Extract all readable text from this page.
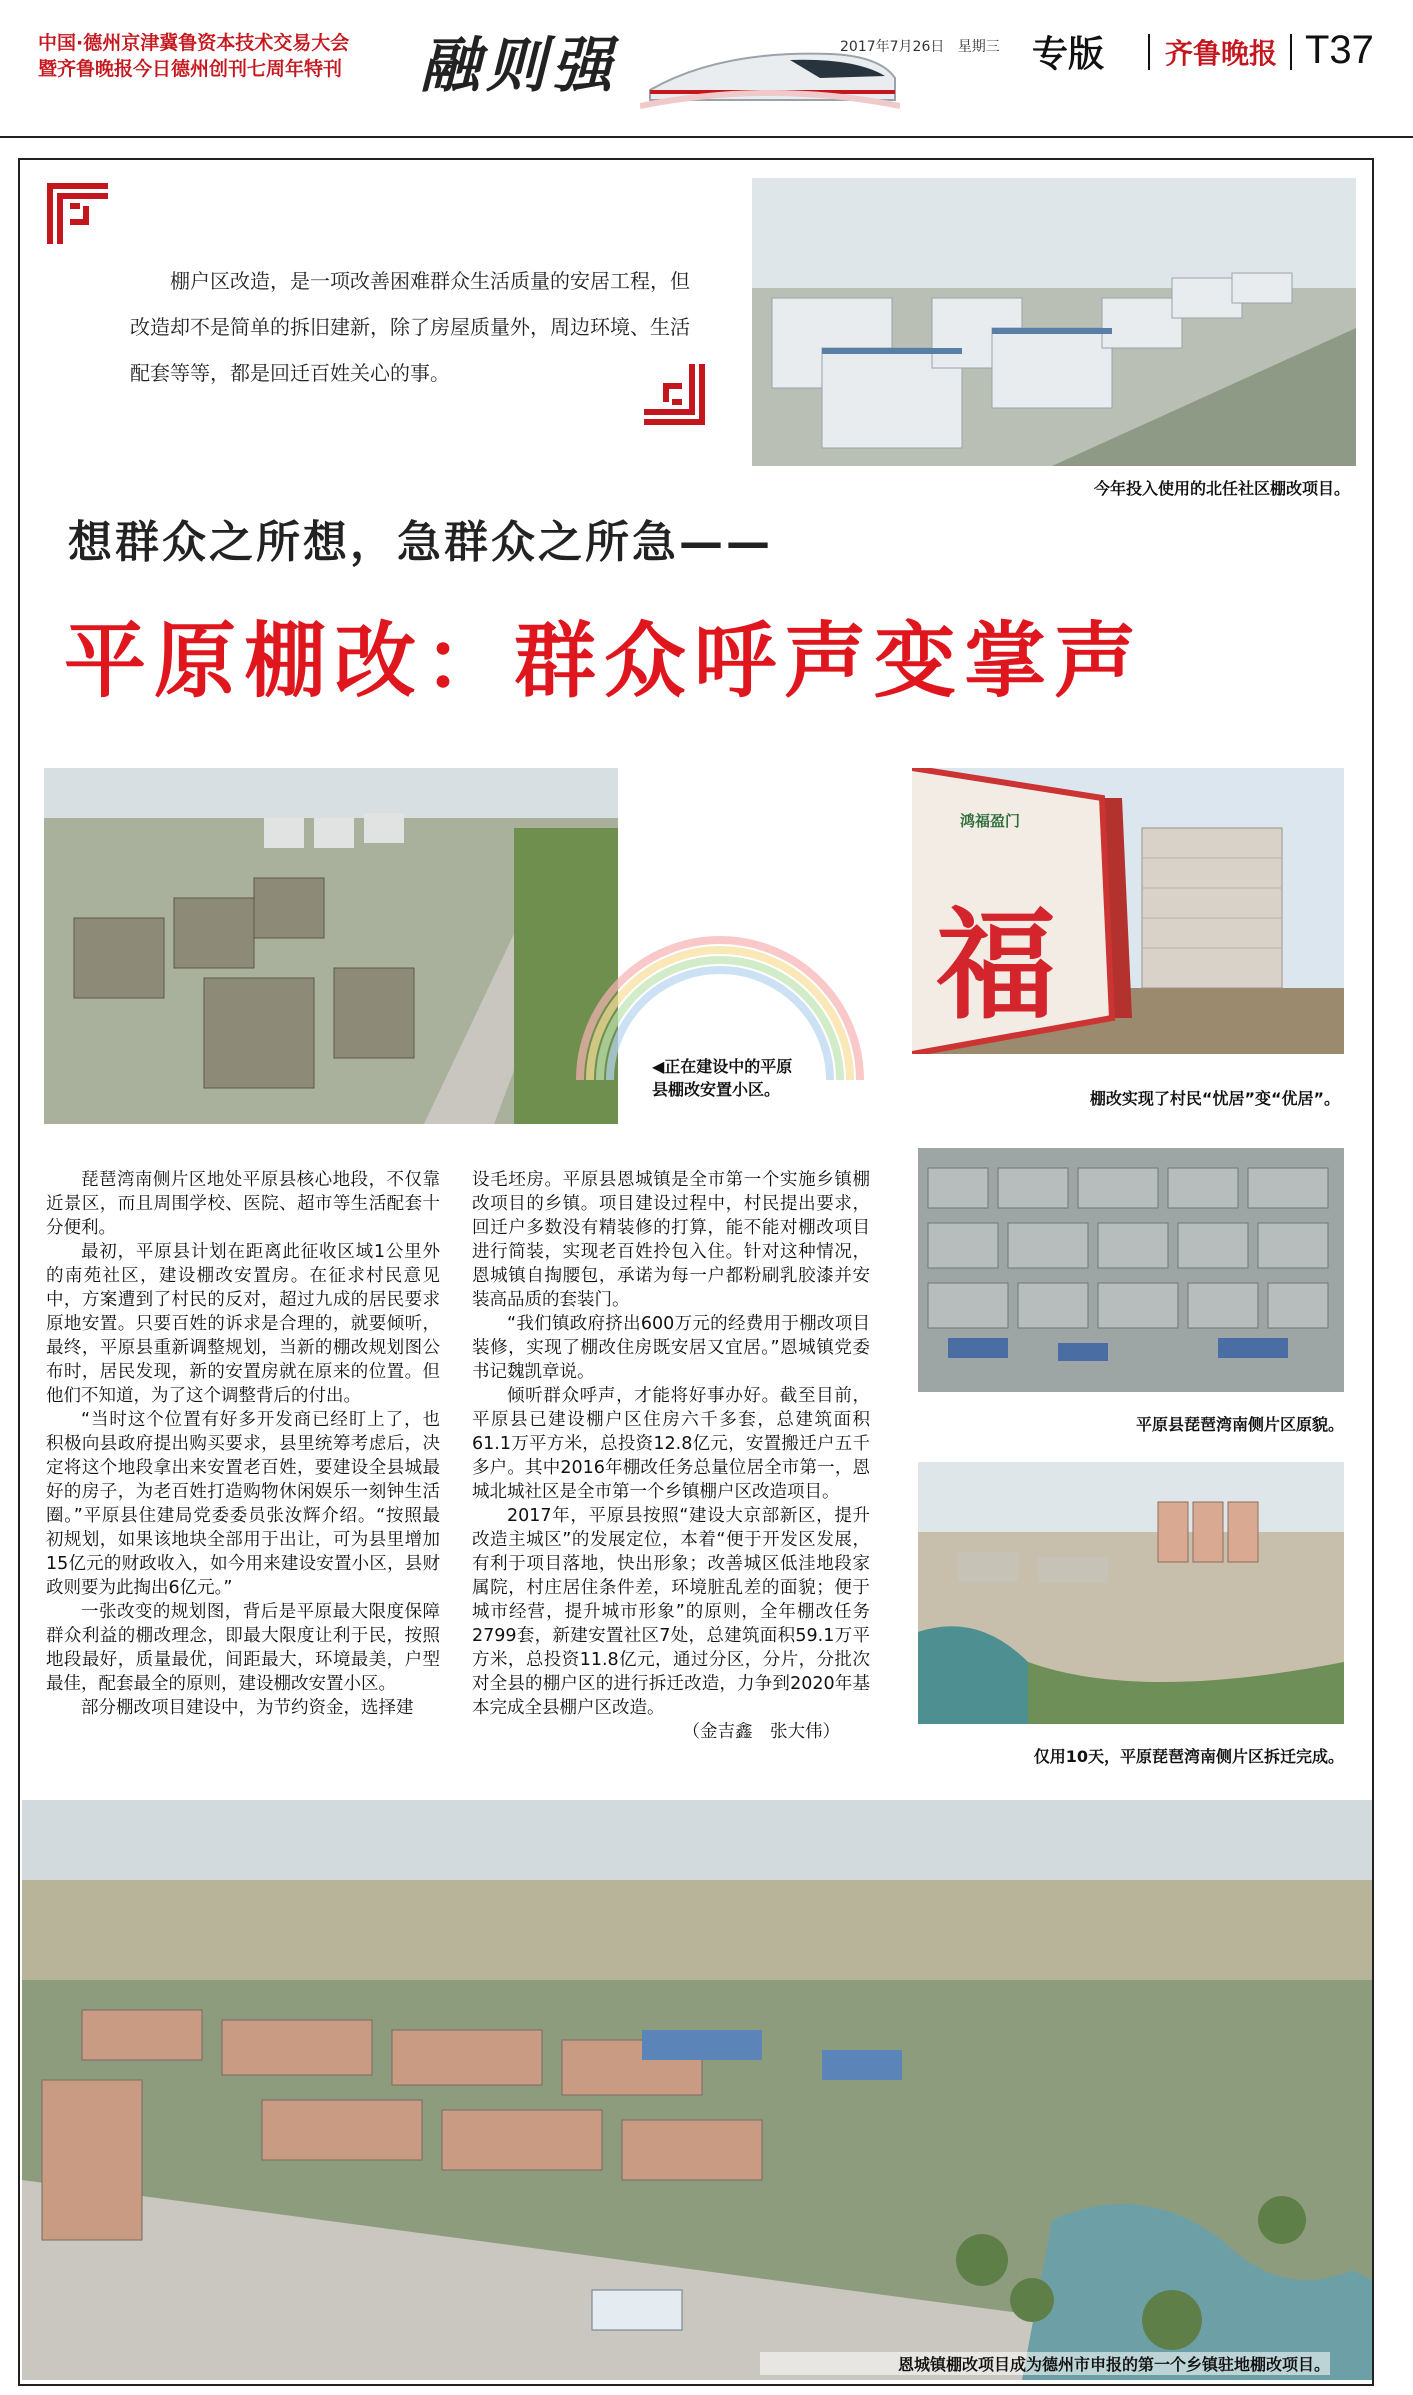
中国·德州京津冀鲁资本技术交易大会
暨齐鲁晚报今日德州创刊七周年特刊 融则强	2017年7月26日 星期三 专版 齐鲁晚报 T37
棚户区改造，是一项改善困难群众生活质量的安居工程，但改造却不是简单的拆旧建新，除了房屋质量外，周边环境、生活配套等等，都是回迁百姓关心的事。
今年投入使用的北任社区棚改项目。
想群众之所想，急群众之所急——
平原棚改：群众呼声变掌声
◀正在建设中的平原
县棚改安置小区。
鸿福盈门
福
棚改实现了村民“忧居”变“优居”。

琵琶湾南侧片区地处平原县核心地段，不仅靠近景区，而且周围学校、医院、超市等生活配套十分便利。

最初，平原县计划在距离此征收区域1公里外的南苑社区，建设棚改安置房。在征求村民意见中，方案遭到了村民的反对，超过九成的居民要求原地安置。只要百姓的诉求是合理的，就要倾听，最终，平原县重新调整规划，当新的棚改规划图公布时，居民发现，新的安置房就在原来的位置。但他们不知道，为了这个调整背后的付出。

“当时这个位置有好多开发商已经盯上了，也积极向县政府提出购买要求，县里统筹考虑后，决定将这个地段拿出来安置老百姓，要建设全县城最好的房子，为老百姓打造购物休闲娱乐一刻钟生活圈。”平原县住建局党委委员张汝辉介绍。“按照最初规划，如果该地块全部用于出让，可为县里增加15亿元的财政收入，如今用来建设安置小区，县财政则要为此掏出6亿元。”

一张改变的规划图，背后是平原最大限度保障群众利益的棚改理念，即最大限度让利于民，按照地段最好，质量最优，间距最大，环境最美，户型最佳，配套最全的原则，建设棚改安置小区。

部分棚改项目建设中，为节约资金，选择建

设毛坯房。平原县恩城镇是全市第一个实施乡镇棚改项目的乡镇。项目建设过程中，村民提出要求，回迁户多数没有精装修的打算，能不能对棚改项目进行简装，实现老百姓拎包入住。针对这种情况，恩城镇自掏腰包，承诺为每一户都粉刷乳胶漆并安装高品质的套装门。

“我们镇政府挤出600万元的经费用于棚改项目装修，实现了棚改住房既安居又宜居。”恩城镇党委书记魏凯章说。

倾听群众呼声，才能将好事办好。截至目前，平原县已建设棚户区住房六千多套，总建筑面积61.1万平方米，总投资12.8亿元，安置搬迁户五千多户。其中2016年棚改任务总量位居全市第一，恩城北城社区是全市第一个乡镇棚户区改造项目。

2017年，平原县按照“建设大京部新区，提升改造主城区”的发展定位，本着“便于开发区发展，有利于项目落地，快出形象；改善城区低洼地段家属院，村庄居住条件差，环境脏乱差的面貌；便于城市经营，提升城市形象”的原则，全年棚改任务2799套，新建安置社区7处，总建筑面积59.1万平方米，总投资11.8亿元，通过分区，分片，分批次对全县的棚户区的进行拆迁改造，力争到2020年基本完成全县棚户区改造。

（金吉鑫　张大伟）
平原县琵琶湾南侧片区原貌。
仅用10天，平原琵琶湾南侧片区拆迁完成。
恩城镇棚改项目成为德州市申报的第一个乡镇驻地棚改项目。
